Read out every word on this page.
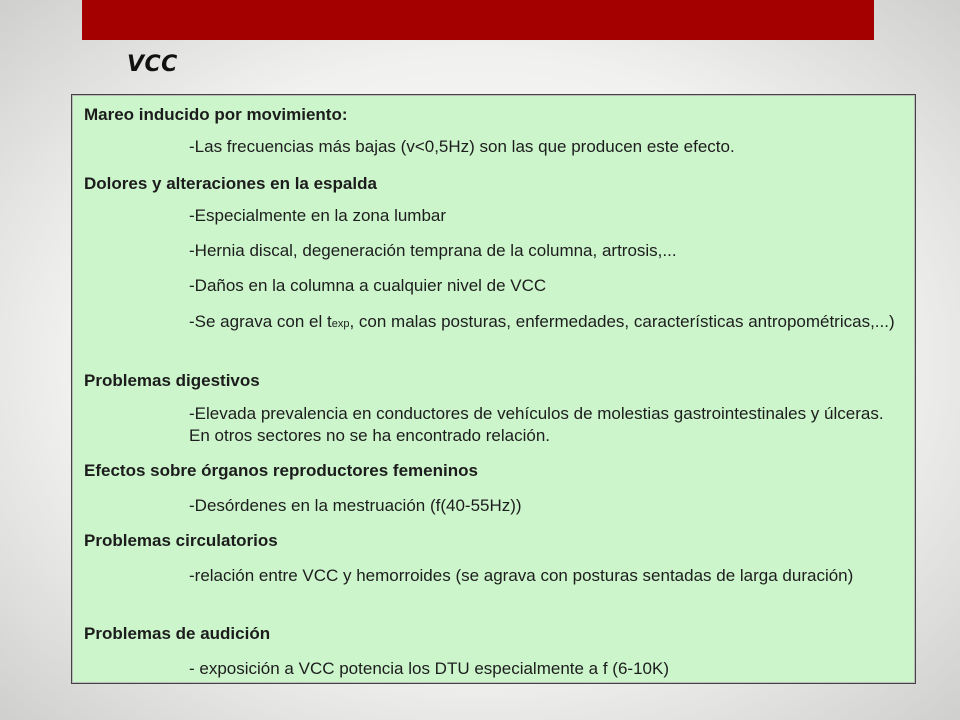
VCC
Mareo inducido por movimiento:
-Las frecuencias más bajas (v<0,5Hz) son las que producen este efecto.
Dolores y alteraciones en la espalda
-Especialmente en la zona lumbar
-Hernia discal, degeneración temprana de la columna, artrosis,...
-Daños en la columna a cualquier nivel de VCC
-Se agrava con el texp, con malas posturas, enfermedades, características antropométricas,...)
Problemas digestivos
-Elevada prevalencia en conductores de vehículos de molestias gastrointestinales y úlceras. En otros sectores no se ha encontrado relación.
Efectos sobre órganos reproductores femeninos
-Desórdenes en la mestruación (f(40-55Hz))
Problemas circulatorios
-relación entre VCC y hemorroides (se agrava con posturas sentadas de larga duración)
Problemas de audición
- exposición a VCC potencia los DTU especialmente a f (6-10K)
